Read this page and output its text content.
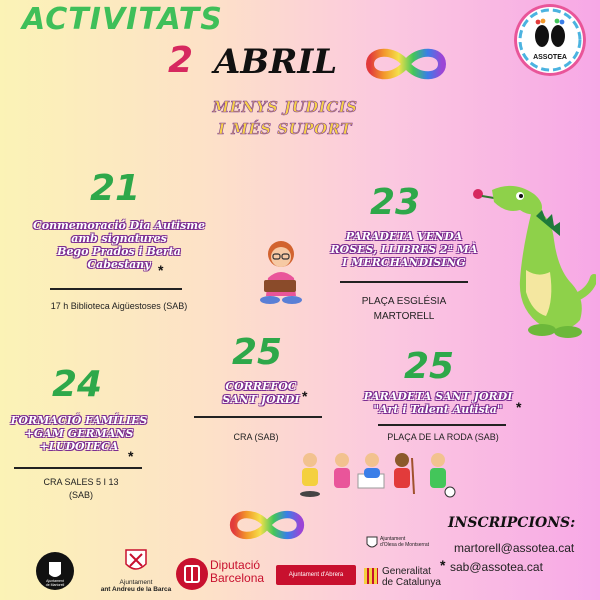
ACTIVITATS
2 ABRIL	ASSOTEA
MENYS JUDICIS
I MÉS SUPORT
21
Conmemoració Dia Autisme
amb signatures
Bego Prados i Berta
Cabestany *
17 h Biblioteca Aigüestoses (SAB)
23
PARADETA VENDA
ROSES, LLIBRES 2ª MÀ
I MERCHANDISING
PLAÇA ESGLÉSIA
MARTORELL
25
CORREFOC
SANT JORDI *
CRA (SAB)
24
FORMACIÓ FAMÍLIES
+GAM GERMANS
+LUDOTECA
*
CRA SALES 5 I 13
(SAB)
25
PARADETA SANT JORDI
"Art i Talent Autista" *
PLAÇA DE LA RODA (SAB)
INSCRIPCIONS:
martorell@assotea.cat
* sab@assotea.cat
Ajuntament
de Martorell	Ajuntament
ant Andreu de la Barca
Diputació
Barcelona	Ajuntament d'Abrera
Ajuntament
d'Olesa de Montserrat
Generalitat
de Catalunya
